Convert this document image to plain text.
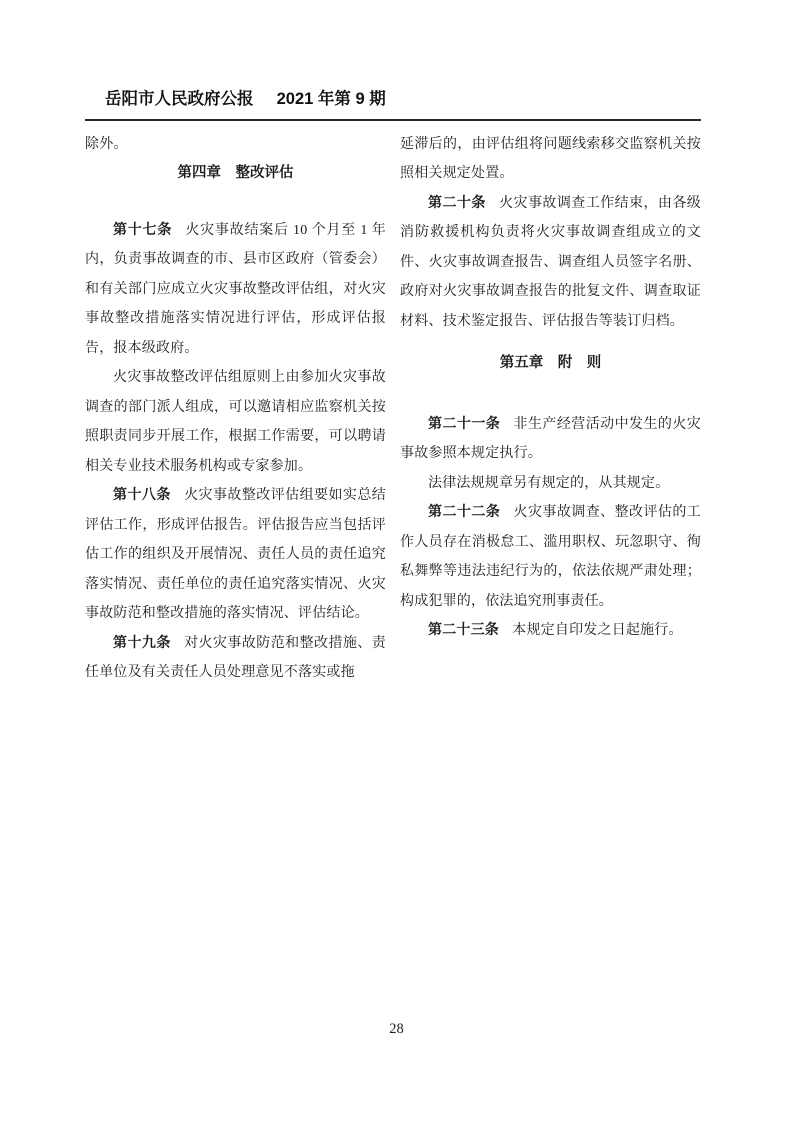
岳阳市人民政府公报 2021 年第 9 期

除外。

第四章　整改评估

第十七条 火灾事故结案后 10 个月至 1 年内，负责事故调查的市、县市区政府（管委会）和有关部门应成立火灾事故整改评估组，对火灾事故整改措施落实情况进行评估，形成评估报告，报本级政府。

火灾事故整改评估组原则上由参加火灾事故调查的部门派人组成，可以邀请相应监察机关按照职责同步开展工作，根据工作需要，可以聘请相关专业技术服务机构或专家参加。

第十八条 火灾事故整改评估组要如实总结评估工作，形成评估报告。评估报告应当包括评估工作的组织及开展情况、责任人员的责任追究落实情况、责任单位的责任追究落实情况、火灾事故防范和整改措施的落实情况、评估结论。

第十九条 对火灾事故防范和整改措施、责任单位及有关责任人员处理意见不落实或拖

延滞后的，由评估组将问题线索移交监察机关按照相关规定处置。

第二十条 火灾事故调查工作结束，由各级消防救援机构负责将火灾事故调查组成立的文件、火灾事故调查报告、调查组人员签字名册、政府对火灾事故调查报告的批复文件、调查取证材料、技术鉴定报告、评估报告等装订归档。

第五章　附　则

第二十一条 非生产经营活动中发生的火灾事故参照本规定执行。

法律法规规章另有规定的，从其规定。

第二十二条 火灾事故调查、整改评估的工作人员存在消极怠工、滥用职权、玩忽职守、徇私舞弊等违法违纪行为的，依法依规严肃处理；构成犯罪的，依法追究刑事责任。

第二十三条 本规定自印发之日起施行。

28
